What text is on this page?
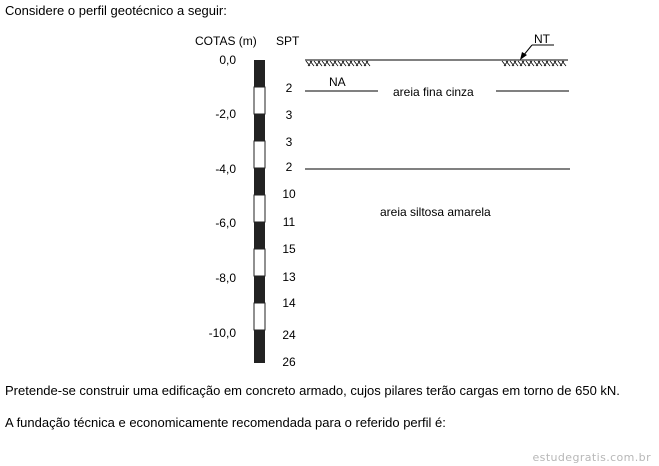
Considere o perfil geotécnico a seguir:
COTAS (m) SPT
0,0
-2,0
-4,0
-6,0
-8,0
-10,0
2
3
3
2
10
11
15
13
14
24
26
NA
NT
areia fina cinza
areia siltosa amarela
Pretende-se construir uma edificação em concreto armado, cujos pilares terão cargas em torno de 650 kN.
A fundação técnica e economicamente recomendada para o referido perfil é:
estudegratis.com.br
